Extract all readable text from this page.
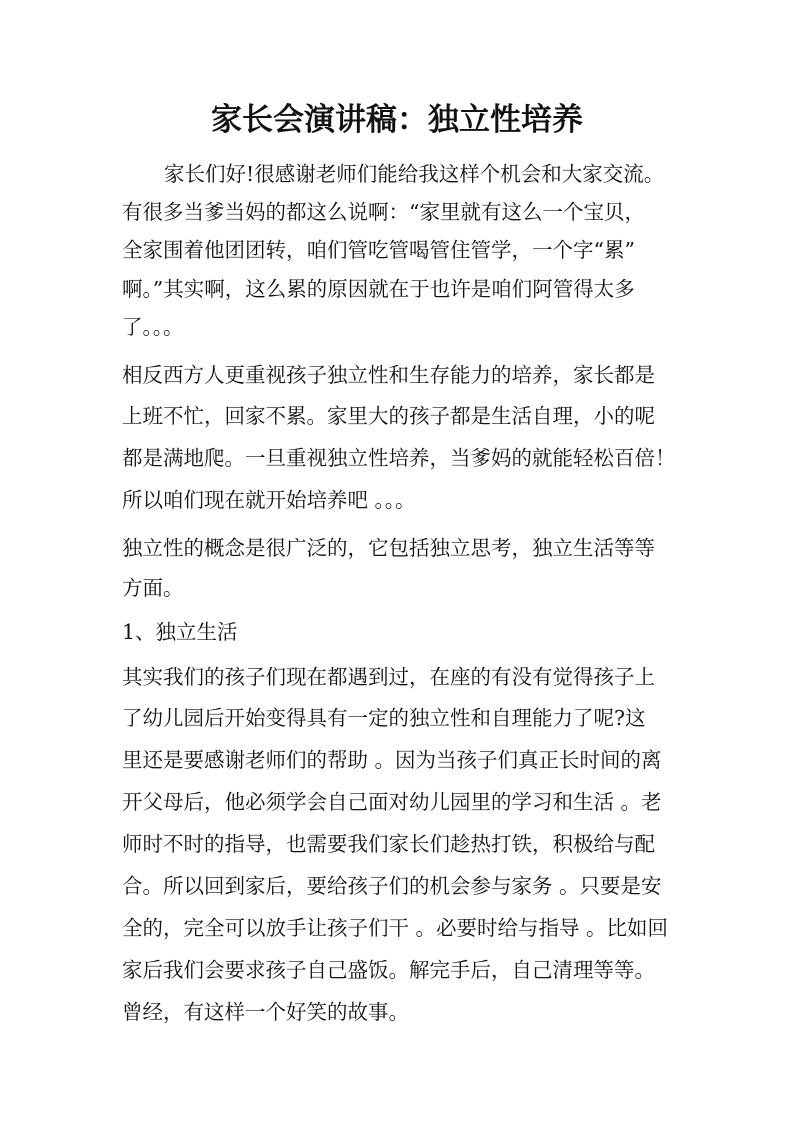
家长会演讲稿：独立性培养

家长们好!很感谢老师们能给我这样个机会和大家交流。

有很多当爹当妈的都这么说啊：“家里就有这么一个宝贝，

全家围着他团团转，咱们管吃管喝管住管学，一个字“累”

啊。”其实啊，这么累的原因就在于也许是咱们阿管得太多

了。。。

相反西方人更重视孩子独立性和生存能力的培养，家长都是

上班不忙，回家不累。家里大的孩子都是生活自理，小的呢

都是满地爬。一旦重视独立性培养，当爹妈的就能轻松百倍！

所以咱们现在就开始培养吧 。。。

独立性的概念是很广泛的，它包括独立思考，独立生活等等

方面。

1、独立生活

其实我们的孩子们现在都遇到过，在座的有没有觉得孩子上

了幼儿园后开始变得具有一定的独立性和自理能力了呢?这

里还是要感谢老师们的帮助 。因为当孩子们真正长时间的离

开父母后，他必须学会自己面对幼儿园里的学习和生活 。老

师时不时的指导，也需要我们家长们趁热打铁，积极给与配

合。所以回到家后，要给孩子们的机会参与家务 。只要是安

全的，完全可以放手让孩子们干 。必要时给与指导 。比如回

家后我们会要求孩子自己盛饭。解完手后，自己清理等等。

曾经，有这样一个好笑的故事。
